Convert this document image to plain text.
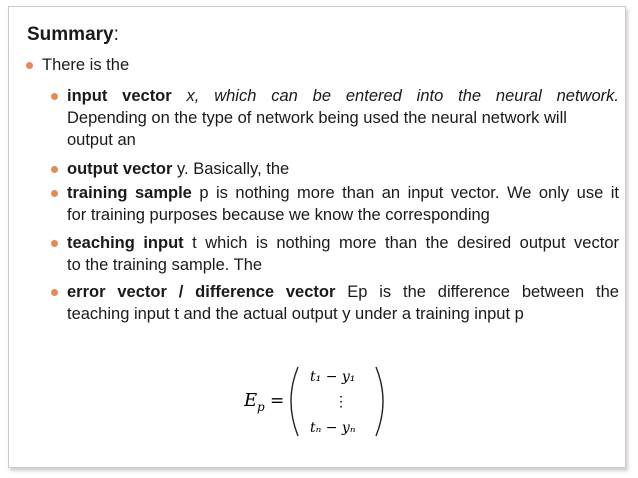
Summary:
There is the
input vector x, which can be entered into the neural network.
Depending on the type of network being used the neural network will
output an
output vector y. Basically, the
training sample p is nothing more than an input vector. We only use it
for training purposes because we know the corresponding
teaching input t which is nothing more than the desired output vector
to the training sample. The
error vector / difference vector Ep is the difference between the
teaching input t and the actual output y under a training input p
E p =
t₁ − y₁
⋮
tₙ − yₙ
